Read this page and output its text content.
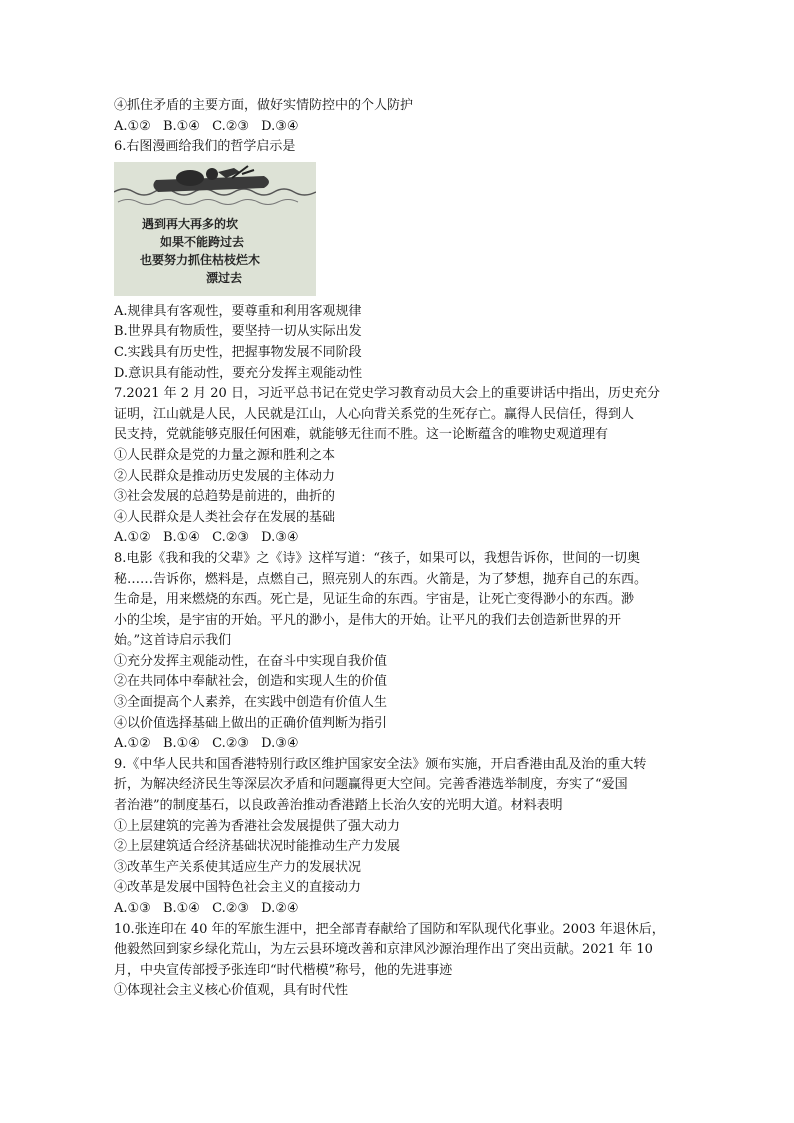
④抓住矛盾的主要方面，做好实情防控中的个人防护
A.①② B.①④ C.②③ D.③④
6.右图漫画给我们的哲学启示是
遇到再大再多的坎
如果不能跨过去
也要努力抓住枯枝烂木
漂过去
A.规律具有客观性，要尊重和利用客观规律
B.世界具有物质性，要坚持一切从实际出发
C.实践具有历史性，把握事物发展不同阶段
D.意识具有能动性，要充分发挥主观能动性
7.2021 年 2 月 20 日，习近平总书记在党史学习教育动员大会上的重要讲话中指出，历史充分
证明，江山就是人民，人民就是江山，人心向背关系党的生死存亡。赢得人民信任，得到人
民支持，党就能够克服任何困难，就能够无往而不胜。这一论断蕴含的唯物史观道理有
①人民群众是党的力量之源和胜利之本
②人民群众是推动历史发展的主体动力
③社会发展的总趋势是前进的，曲折的
④人民群众是人类社会存在发展的基础
A.①② B.①④ C.②③ D.③④
8.电影《我和我的父辈》之《诗》这样写道：“孩子，如果可以，我想告诉你，世间的一切奥
秘……告诉你，燃料是，点燃自己，照亮别人的东西。火箭是，为了梦想，抛弃自己的东西。
生命是，用来燃烧的东西。死亡是，见证生命的东西。宇宙是，让死亡变得渺小的东西。渺
小的尘埃，是宇宙的开始。平凡的渺小，是伟大的开始。让平凡的我们去创造新世界的开
始。”这首诗启示我们
①充分发挥主观能动性，在奋斗中实现自我价值
②在共同体中奉献社会，创造和实现人生的价值
③全面提高个人素养，在实践中创造有价值人生
④以价值选择基础上做出的正确价值判断为指引
A.①② B.①④ C.②③ D.③④
9.《中华人民共和国香港特别行政区维护国家安全法》颁布实施，开启香港由乱及治的重大转
折，为解决经济民生等深层次矛盾和问题赢得更大空间。完善香港选举制度，夯实了“爱国
者治港”的制度基石，以良政善治推动香港踏上长治久安的光明大道。材料表明
①上层建筑的完善为香港社会发展提供了强大动力
②上层建筑适合经济基础状况时能推动生产力发展
③改革生产关系使其适应生产力的发展状况
④改革是发展中国特色社会主义的直接动力
A.①③ B.①④ C.②③ D.②④
10.张连印在 40 年的军旅生涯中，把全部青春献给了国防和军队现代化事业。2003 年退休后，
他毅然回到家乡绿化荒山，为左云县环境改善和京津风沙源治理作出了突出贡献。2021 年 10
月，中央宣传部授予张连印“时代楷模”称号，他的先进事迹
①体现社会主义核心价值观，具有时代性
